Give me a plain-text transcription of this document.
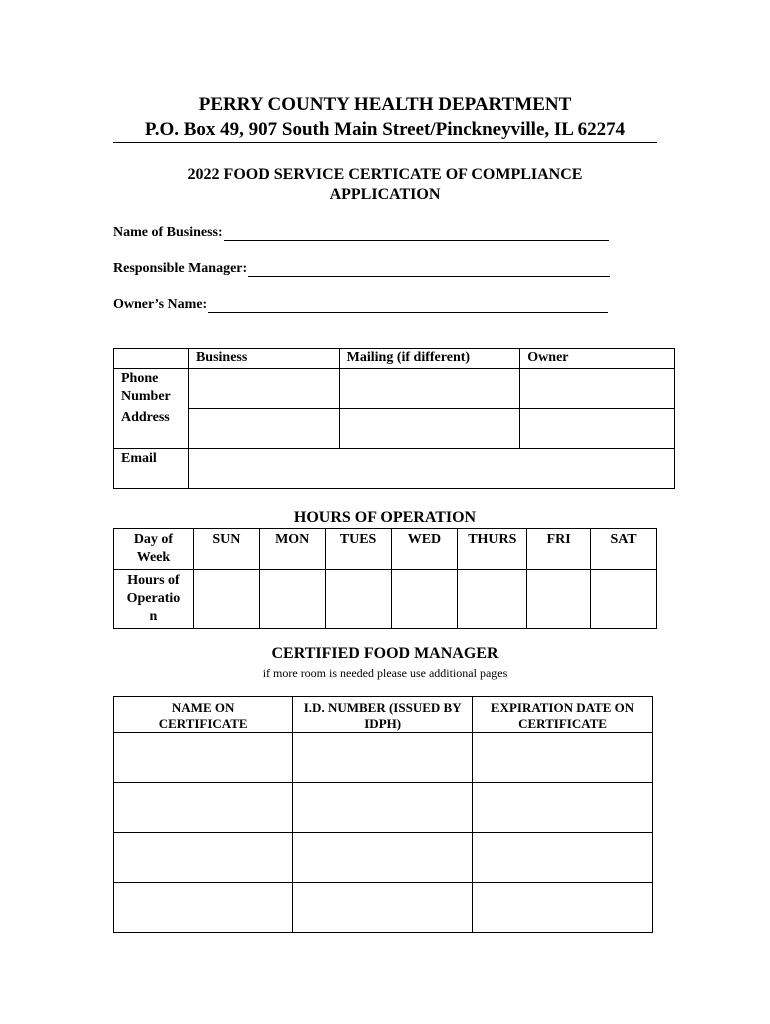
PERRY COUNTY HEALTH DEPARTMENT
P.O. Box 49, 907 South Main Street/Pinckneyville, IL 62274
2022 FOOD SERVICE CERTICATE OF COMPLIANCE
APPLICATION
Name of Business:
Responsible Manager:
Owner’s Name:
	Business	Mailing (if different)	Owner

Phone Number
Address			

Email			
HOURS OF OPERATION
Day of Week	SUN	MON	TUES	WED	THURS	FRI	SAT

Hours of Operatio n							

CERTIFIED FOOD MANAGER
if more room is needed please use additional pages
NAME ON CERTIFICATE	I.D. NUMBER (ISSUED BY IDPH)	EXPIRATION DATE ON CERTIFICATE
